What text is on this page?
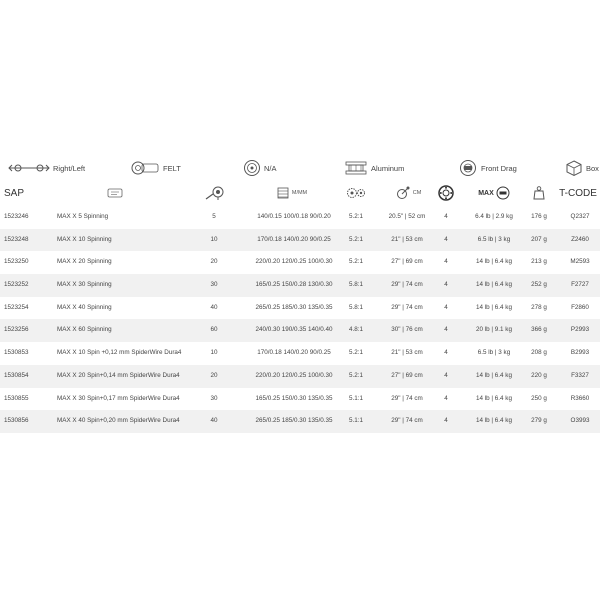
Right/Left	FELT	N/A	Aluminum	Front Drag	Box
SAP	M/MM	CM	MAX	T-CODE
1523246	MAX X 5 Spinning	5	140/0.15 100/0.18 90/0.20	5.2:1	20.5" | 52 cm	4	6.4 lb | 2.9 kg	176 g	Q2327
1523248	MAX X 10 Spinning	10	170/0.18 140/0.20 90/0.25	5.2:1	21" | 53 cm	4	6.5 lb | 3 kg	207 g	Z2460
1523250	MAX X 20 Spinning	20	220/0.20 120/0.25 100/0.30	5.2:1	27" | 69 cm	4	14 lb | 6.4 kg	213 g	M2593
1523252	MAX X 30 Spinning	30	165/0.25 150/0.28 130/0.30	5.8:1	29" | 74 cm	4	14 lb | 6.4 kg	252 g	F2727
1523254	MAX X 40 Spinning	40	265/0.25 185/0.30 135/0.35	5.8:1	29" | 74 cm	4	14 lb | 6.4 kg	278 g	F2860
1523256	MAX X 60 Spinning	60	240/0.30 190/0.35 140/0.40	4.8:1	30" | 76 cm	4	20 lb | 9.1 kg	366 g	P2993
1530853	MAX X 10 Spin +0,12 mm SpiderWire Dura4	10	170/0.18 140/0.20 90/0.25	5.2:1	21" | 53 cm	4	6.5 lb | 3 kg	208 g	B2993
1530854	MAX X 20 Spin+0,14 mm SpiderWire Dura4	20	220/0.20 120/0.25 100/0.30	5.2:1	27" | 69 cm	4	14 lb | 6.4 kg	220 g	F3327
1530855	MAX X 30 Spin+0,17 mm SpiderWire Dura4	30	165/0.25 150/0.30 135/0.35	5.1:1	29" | 74 cm	4	14 lb | 6.4 kg	250 g	R3660
1530856	MAX X 40 Spin+0,20 mm SpiderWire Dura4	40	265/0.25 185/0.30 135/0.35	5.1:1	29" | 74 cm	4	14 lb | 6.4 kg	279 g	O3993
